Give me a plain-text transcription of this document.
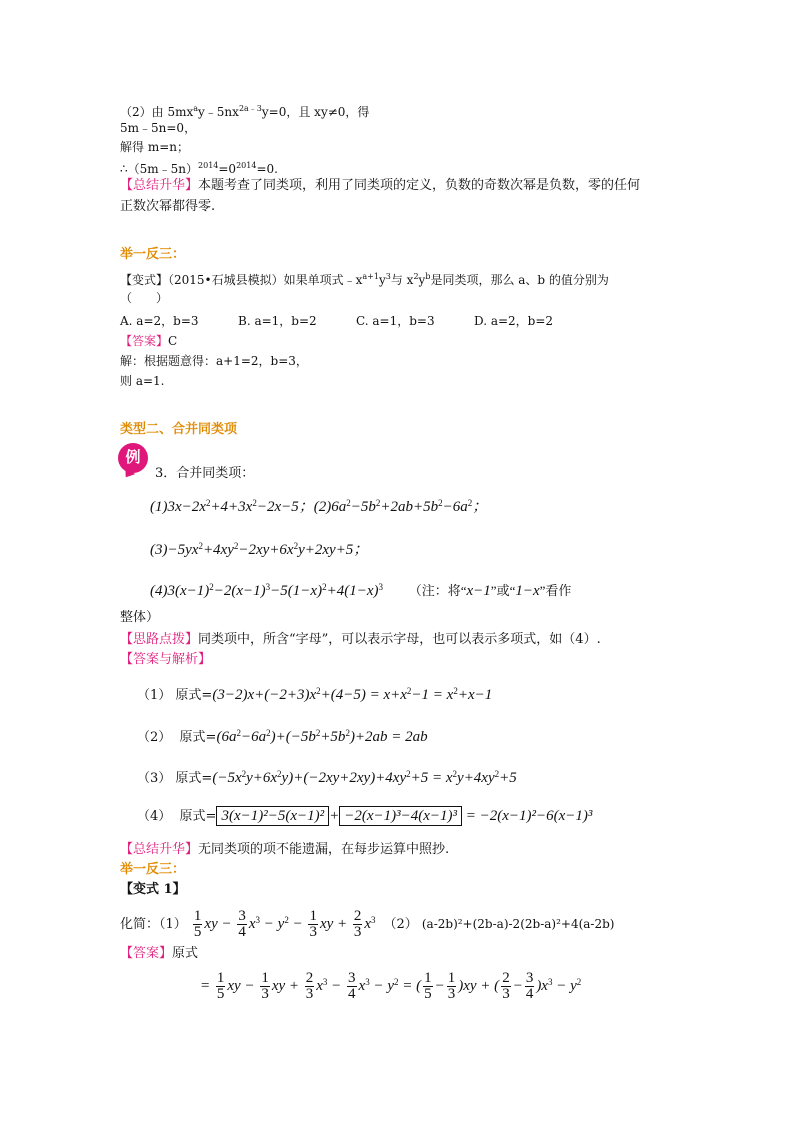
（2）由 $5mx^ay﹣5nx^{2a﹣3}y=0$，且 xy≠0，得
5m﹣5n=0，
解得 m=n；
$\therefore(5m﹣5n)^{2014}=0^{2014}=0$.
【总结升华】本题考查了同类项，利用了同类项的定义，负数的奇数次幂是负数，零的任何
正数次幂都得零.
举一反三：
【变式】（2015•石城县模拟）如果单项式$﹣x^{a+1}y^3$与 $x^2y^b$是同类项，那么 a、b 的值分别为
（　　）
A. a=2，b=3	B. a=1，b=2	C. a=1，b=3	D. a=2，b=2
【答案】C
解：根据题意得：a+1=2，b=3，
则 a=1.
类型二、合并同类项
例
3．合并同类项：
$(1)3x-2x^2+4+3x^2-2x-5$；$(2)6a^2-5b^2+2ab+5b^2-6a^2$；
$(3)-5yx^2+4xy^2-2xy+6x^2y+2xy+5$；
$(4)3(x-1)^2-2(x-1)^3-5(1-x)^2+4(1-x)^3$ （注：将“x−1”或“1−x”看作
整体）
【思路点拨】同类项中，所含“字母”，可以表示字母，也可以表示多项式，如（4）.
【答案与解析】
（1） 原式$=(3-2)x+(-2+3)x^2+(4-5) = x+x^2-1 = x^2+x-1$
（2） 原式$=(6a^2-6a^2)+(-5b^2+5b^2)+2ab = 2ab$
（3） 原式$=(-5x^2y+6x^2y)+(-2xy+2xy)+4xy^2+5 = x^2y+4xy^2+5$
（4） 原式= 3(x−1)²−5(x−1)² + −2(x−1)³−4(x−1)³ = −2(x−1)²−6(x−1)³
【总结升华】无同类项的项不能遗漏，在每步运算中照抄.
举一反三：
【变式 1】
化简：$(1) \frac{1}{5}$ xy − $\frac{3}{4} x^3 - y^2 - \frac{1}{3}$ xy + $\frac{2}{3} x^3$ （2） (a-2b)²+(2b-a)-2(2b-a)²+4(a-2b)
【答案】原式
= $\frac{1}{5}$ xy − $\frac{1}{3}$ xy + $\frac{2}{3} x^3 - \frac{3}{4} x^3 - y^2$ = ( $\frac{1}{5} - \frac{1}{3} )xy$ + ( $\frac{2}{3} - \frac{3}{4} )x^3 - y^2$
